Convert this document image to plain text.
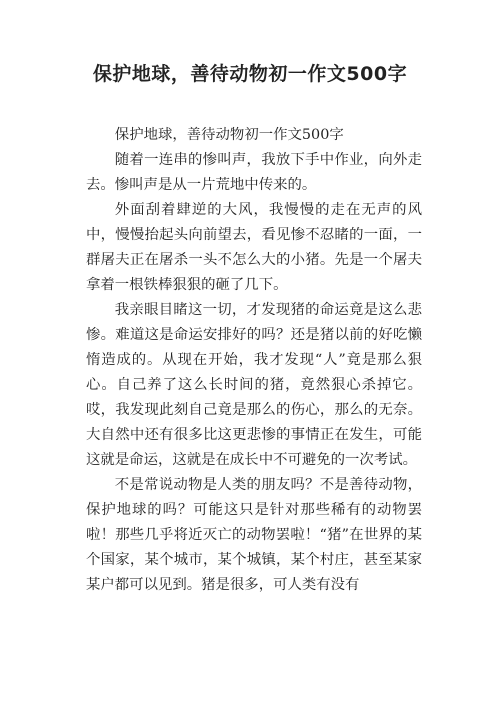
保护地球，善待动物初一作文500字

保护地球，善待动物初一作文500字

随着一连串的惨叫声，我放下手中作业，向外走去。惨叫声是从一片荒地中传来的。

外面刮着肆逆的大风，我慢慢的走在无声的风中，慢慢抬起头向前望去，看见惨不忍睹的一面，一群屠夫正在屠杀一头不怎么大的小猪。先是一个屠夫拿着一根铁棒狠狠的砸了几下。

我亲眼目睹这一切，才发现猪的命运竟是这么悲惨。难道这是命运安排好的吗？还是猪以前的好吃懒惰造成的。从现在开始，我才发现“人”竟是那么狠心。自己养了这么长时间的猪，竟然狠心杀掉它。哎，我发现此刻自己竟是那么的伤心，那么的无奈。大自然中还有很多比这更悲惨的事情正在发生，可能这就是命运，这就是在成长中不可避免的一次考试。

不是常说动物是人类的朋友吗？不是善待动物，保护地球的吗？可能这只是针对那些稀有的动物罢啦！那些几乎将近灭亡的动物罢啦！“猪”在世界的某个国家，某个城市，某个城镇，某个村庄，甚至某家某户都可以见到。猪是很多，可人类有没有
